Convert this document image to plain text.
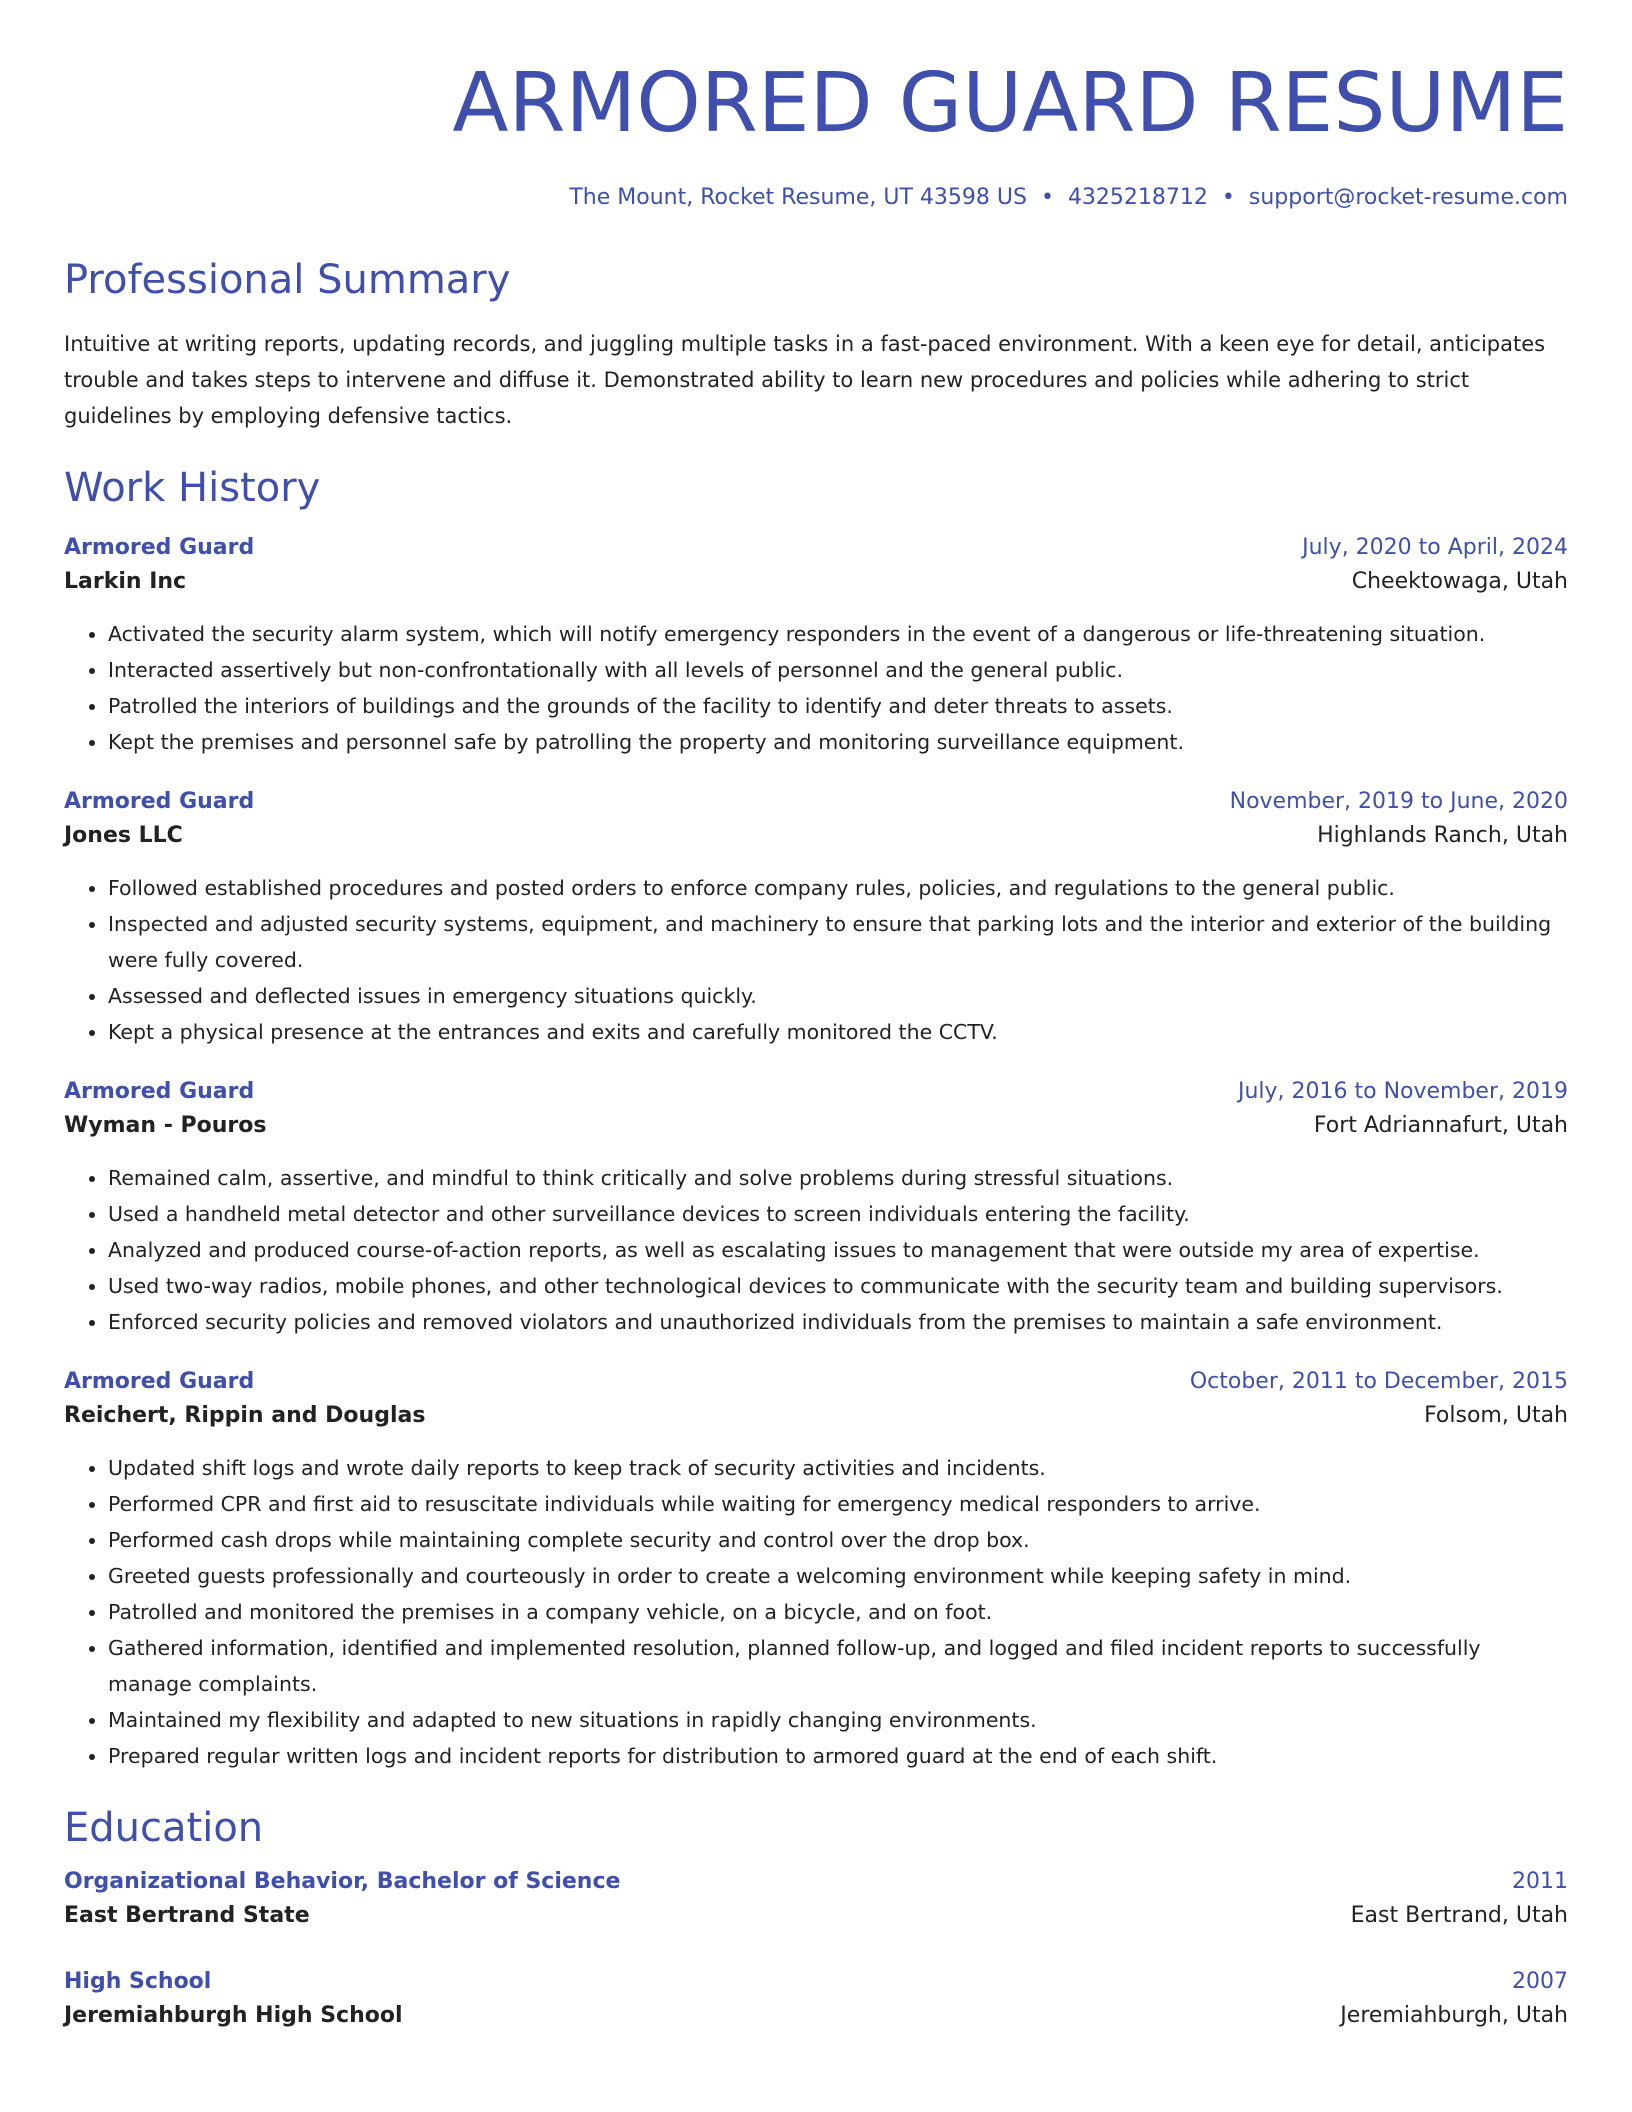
ARMORED GUARD RESUME
The Mount, Rocket Resume, UT 43598 US • 4325218712 • support@rocket-resume.com
Professional Summary
Intuitive at writing reports, updating records, and juggling multiple tasks in a fast-paced environment. With a keen eye for detail, anticipates trouble and takes steps to intervene and diffuse it. Demonstrated ability to learn new procedures and policies while adhering to strict guidelines by employing defensive tactics.
Work History
Armored Guard	July, 2020 to April, 2024
Larkin Inc	Cheektowaga, Utah
• Activated the security alarm system, which will notify emergency responders in the event of a dangerous or life-threatening situation.
• Interacted assertively but non-confrontationally with all levels of personnel and the general public.
• Patrolled the interiors of buildings and the grounds of the facility to identify and deter threats to assets.
• Kept the premises and personnel safe by patrolling the property and monitoring surveillance equipment.
Armored Guard	November, 2019 to June, 2020
Jones LLC	Highlands Ranch, Utah
• Followed established procedures and posted orders to enforce company rules, policies, and regulations to the general public.
• Inspected and adjusted security systems, equipment, and machinery to ensure that parking lots and the interior and exterior of the building were fully covered.
• Assessed and deflected issues in emergency situations quickly.
• Kept a physical presence at the entrances and exits and carefully monitored the CCTV.
Armored Guard	July, 2016 to November, 2019
Wyman - Pouros	Fort Adriannafurt, Utah
• Remained calm, assertive, and mindful to think critically and solve problems during stressful situations.
• Used a handheld metal detector and other surveillance devices to screen individuals entering the facility.
• Analyzed and produced course-of-action reports, as well as escalating issues to management that were outside my area of expertise.
• Used two-way radios, mobile phones, and other technological devices to communicate with the security team and building supervisors.
• Enforced security policies and removed violators and unauthorized individuals from the premises to maintain a safe environment.
Armored Guard	October, 2011 to December, 2015
Reichert, Rippin and Douglas	Folsom, Utah
• Updated shift logs and wrote daily reports to keep track of security activities and incidents.
• Performed CPR and first aid to resuscitate individuals while waiting for emergency medical responders to arrive.
• Performed cash drops while maintaining complete security and control over the drop box.
• Greeted guests professionally and courteously in order to create a welcoming environment while keeping safety in mind.
• Patrolled and monitored the premises in a company vehicle, on a bicycle, and on foot.
• Gathered information, identified and implemented resolution, planned follow-up, and logged and filed incident reports to successfully manage complaints.
• Maintained my flexibility and adapted to new situations in rapidly changing environments.
• Prepared regular written logs and incident reports for distribution to armored guard at the end of each shift.
Education
Organizational Behavior, Bachelor of Science	2011
East Bertrand State	East Bertrand, Utah
High School	2007
Jeremiahburgh High School	Jeremiahburgh, Utah
